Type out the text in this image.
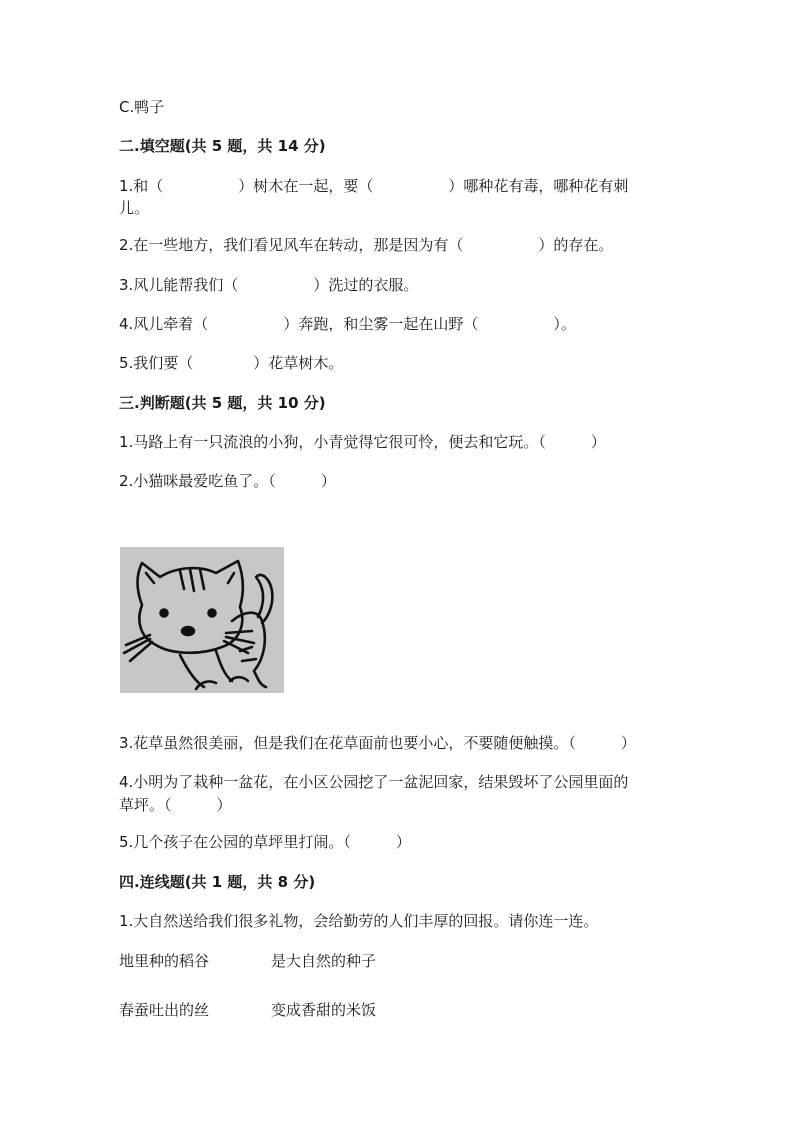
C.鸭子
二.填空题(共 5 题，共 14 分)
1.和（　　　　　）树木在一起，要（　　　　　）哪种花有毒，哪种花有刺
儿。
2.在一些地方，我们看见风车在转动，那是因为有（　　　　　）的存在。
3.风儿能帮我们（　　　　　）洗过的衣服。
4.风儿牵着（　　　　　）奔跑，和尘雾一起在山野（　　　　　）。
5.我们要（　　　　）花草树木。
三.判断题(共 5 题，共 10 分)
1.马路上有一只流浪的小狗，小青觉得它很可怜，便去和它玩。（　　　）
2.小猫咪最爱吃鱼了。（　　　）
3.花草虽然很美丽，但是我们在花草面前也要小心，不要随便触摸。（　　　）
4.小明为了栽种一盆花，在小区公园挖了一盆泥回家，结果毁坏了公园里面的
草坪。（　　　）
5.几个孩子在公园的草坪里打闹。（　　　）
四.连线题(共 1 题，共 8 分)
1.大自然送给我们很多礼物，会给勤劳的人们丰厚的回报。请你连一连。
地里种的稻谷	是大自然的种子
春蚕吐出的丝	变成香甜的米饭
